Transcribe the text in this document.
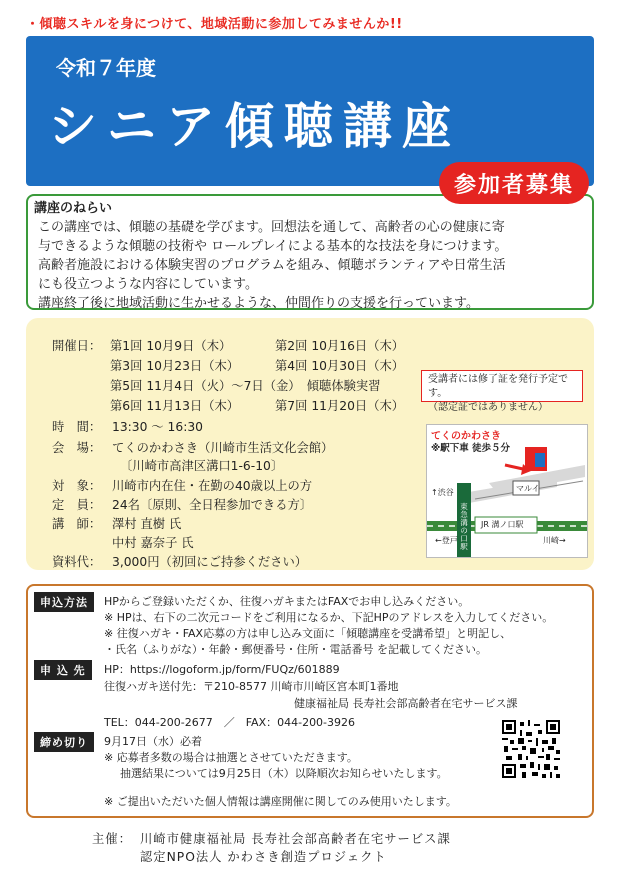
・傾聴スキルを身につけて、地域活動に参加してみませんか!!
令和７年度
シニア傾聴講座
参加者募集
講座のねらい
この講座では、傾聴の基礎を学びます。回想法を通して、高齢者の心の健康に寄
与できるような傾聴の技術や ロールプレイによる基本的な技法を身につけます。
高齢者施設における体験実習のプログラムを組み、傾聴ボランティアや日常生活
にも役立つような内容にしています。
講座終了後に地域活動に生かせるような、仲間作りの支援を行っています。
開催日： 第1回 10月9日（木）	第2回 10月16日（木）
第3回 10月23日（木）	第4回 10月30日（木）
第5回 11月4日（火）～7日（金）　傾聴体験実習
第6回 11月13日（木）	第7回 11月20日（木）
受講者には修了証を発行予定です。
（認定証ではありません）
時　間： 13:30 ～ 16:30
会　場： てくのかわさき（川崎市生活文化会館）
〔川崎市高津区溝口1-6-10〕
対　象： 川崎市内在住・在勤の40歳以上の方
定　員： 24名〔原則、全日程参加できる方〕
講　師： 澤村 直樹 氏
中村 嘉奈子 氏
資料代： 3,000円（初回にご持参ください）
てくのかわさき
※駅下車 徒歩５分
マルイ
↑渋谷
東急溝の口駅
JR 溝ノ口駅
←登戸	川崎→
申込方法	HPからご登録いただくか、往復ハガキまたはFAXでお申し込みください。
※ HPは、右下の二次元コードをご利用になるか、下記HPのアドレスを入力してください。
※ 往復ハガキ・FAX応募の方は申し込み文面に「傾聴講座を受講希望」と明記し、
・氏名（ふりがな）・年齢・郵便番号・住所・電話番号 を記載してください。
申 込 先	HP：https://logoform.jp/form/FUQz/601889
往復ハガキ送付先：〒210-8577 川崎市川崎区宮本町1番地
健康福祉局 長寿社会部高齢者在宅サービス課
TEL：044-200-2677　／　FAX：044-200-3926
締め切り	9月17日（水）必着
※ 応募者多数の場合は抽選とさせていただきます。
抽選結果については9月25日（木）以降順次お知らせいたします。
※ ご提出いただいた個人情報は講座開催に関してのみ使用いたします。
主催： 川崎市健康福祉局 長寿社会部高齢者在宅サービス課
認定NPO法人 かわさき創造プロジェクト
